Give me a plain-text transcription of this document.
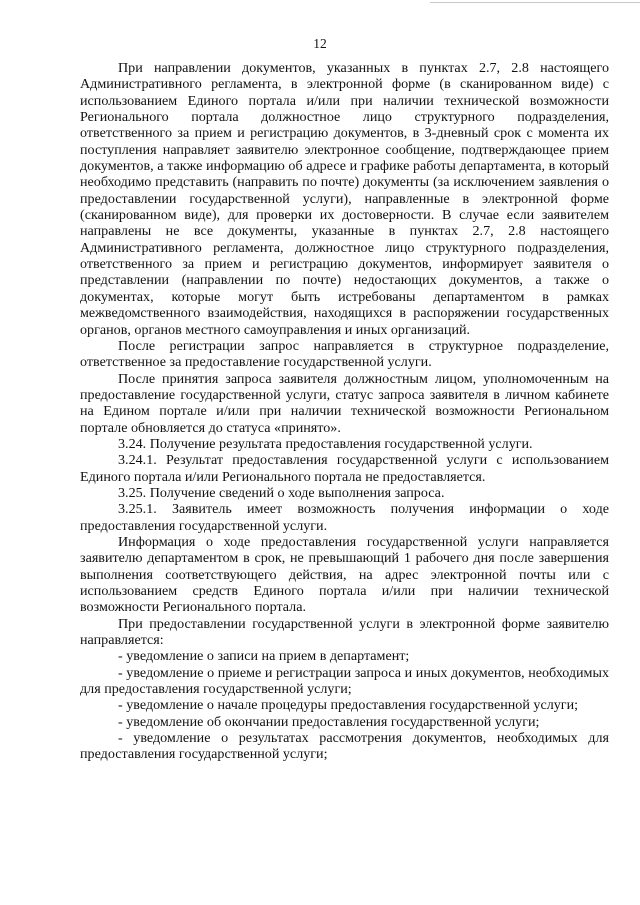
12

При направлении документов, указанных в пунктах 2.7, 2.8 настоящего Административного регламента, в электронной форме (в сканированном виде) с использованием Единого портала и/или при наличии технической возможности Регионального портала должностное лицо структурного подразделения, ответственного за прием и регистрацию документов, в 3-дневный срок с момента их поступления направляет заявителю электронное сообщение, подтверждающее прием документов, а также информацию об адресе и графике работы департамента, в который необходимо представить (направить по почте) документы (за исключением заявления о предоставлении государственной услуги), направленные в электронной форме (сканированном виде), для проверки их достоверности. В случае если заявителем направлены не все документы, указанные в пунктах 2.7, 2.8 настоящего Административного регламента, должностное лицо структурного подразделения, ответственного за прием и регистрацию документов, информирует заявителя о представлении (направлении по почте) недостающих документов, а также о документах, которые могут быть истребованы департаментом в рамках межведомственного взаимодействия, находящихся в распоряжении государственных органов, органов местного самоуправления и иных организаций.

После регистрации запрос направляется в структурное подразделение, ответственное за предоставление государственной услуги.

После принятия запроса заявителя должностным лицом, уполномоченным на предоставление государственной услуги, статус запроса заявителя в личном кабинете на Едином портале и/или при наличии технической возможности Региональном портале обновляется до статуса «принято».

3.24. Получение результата предоставления государственной услуги.

3.24.1. Результат предоставления государственной услуги с использованием Единого портала и/или Регионального портала не предоставляется.

3.25. Получение сведений о ходе выполнения запроса.

3.25.1. Заявитель имеет возможность получения информации о ходе предоставления государственной услуги.

Информация о ходе предоставления государственной услуги направляется заявителю департаментом в срок, не превышающий 1 рабочего дня после завершения выполнения соответствующего действия, на адрес электронной почты или с использованием средств Единого портала и/или при наличии технической возможности Регионального портала.

При предоставлении государственной услуги в электронной форме заявителю направляется:

- уведомление о записи на прием в департамент;

- уведомление о приеме и регистрации запроса и иных документов, необходимых для предоставления государственной услуги;

- уведомление о начале процедуры предоставления государственной услуги;

- уведомление об окончании предоставления государственной услуги;

- уведомление о результатах рассмотрения документов, необходимых для предоставления государственной услуги;
